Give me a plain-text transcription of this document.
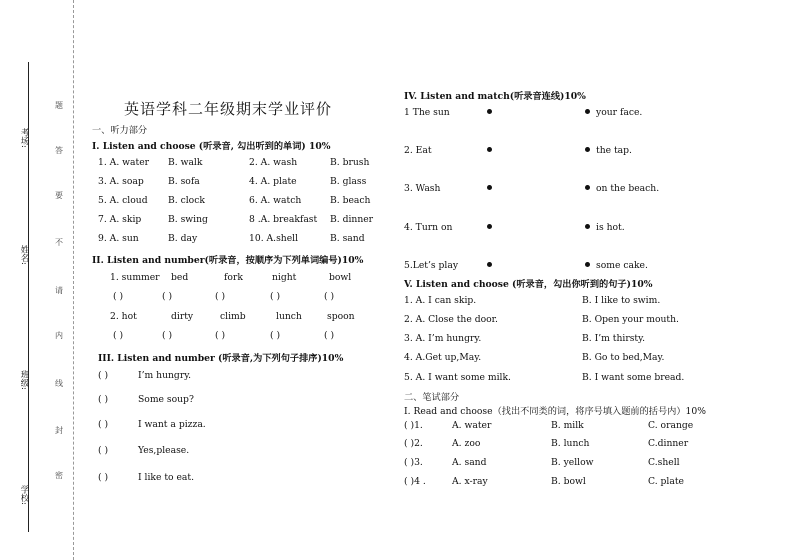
考场:
姓名:
班级:
学校:
题
答
要
不
请
内
线
封
密
英语学科二年级期末学业评价
一、听力部分
I. Listen and choose (听录音, 勾出听到的单词) 10%
1. A. water B. walk	2. A. wash	B. brush
3. A. soap	B. sofa	4. A. plate	B. glass
5. A. cloud B. clock	6. A. watch	B. beach
7. A. skip	B. swing	8 .A. breakfast B. dinner
9. A. sun	B. day	10. A.shell	B. sand
II. Listen and number(听录音，按顺序为下列单词编号)10%
1. summer bed	fork	night	bowl
( )	( )	( )	( )	( )
2. hot	dirty	climb	lunch	spoon
( )	( )	( )	( )	( )
III. Listen and number (听录音,为下列句子排序)10%
( )	I’m hungry.
( )	Some soup?
( )	I want a pizza.
( )	Yes,please.
( )	I like to eat.
IV. Listen and match(听录音连线)10%
1 The sun	your face.
2. Eat	the tap.
3. Wash	on the beach.
4. Turn on	is hot.
5.Let’s play	some cake.
V. Listen and choose (听录音，勾出你听到的句子)10%
1. A. I can skip.	B. I like to swim.
2. A. Close the door.	B. Open your mouth.
3. A. I’m hungry.	B. I’m thirsty.
4. A.Get up,May.	B. Go to bed,May.
5. A. I want some milk.	B. I want some bread.
二、笔试部分
I. Read and choose（找出不同类的词，将序号填入题前的括号内）10%
( )1.	A. water	B. milk	C. orange
( )2.	A. zoo	B. lunch	C.dinner
( )3.	A. sand	B. yellow	C.shell
( )4 .	A. x-ray	B. bowl	C. plate
